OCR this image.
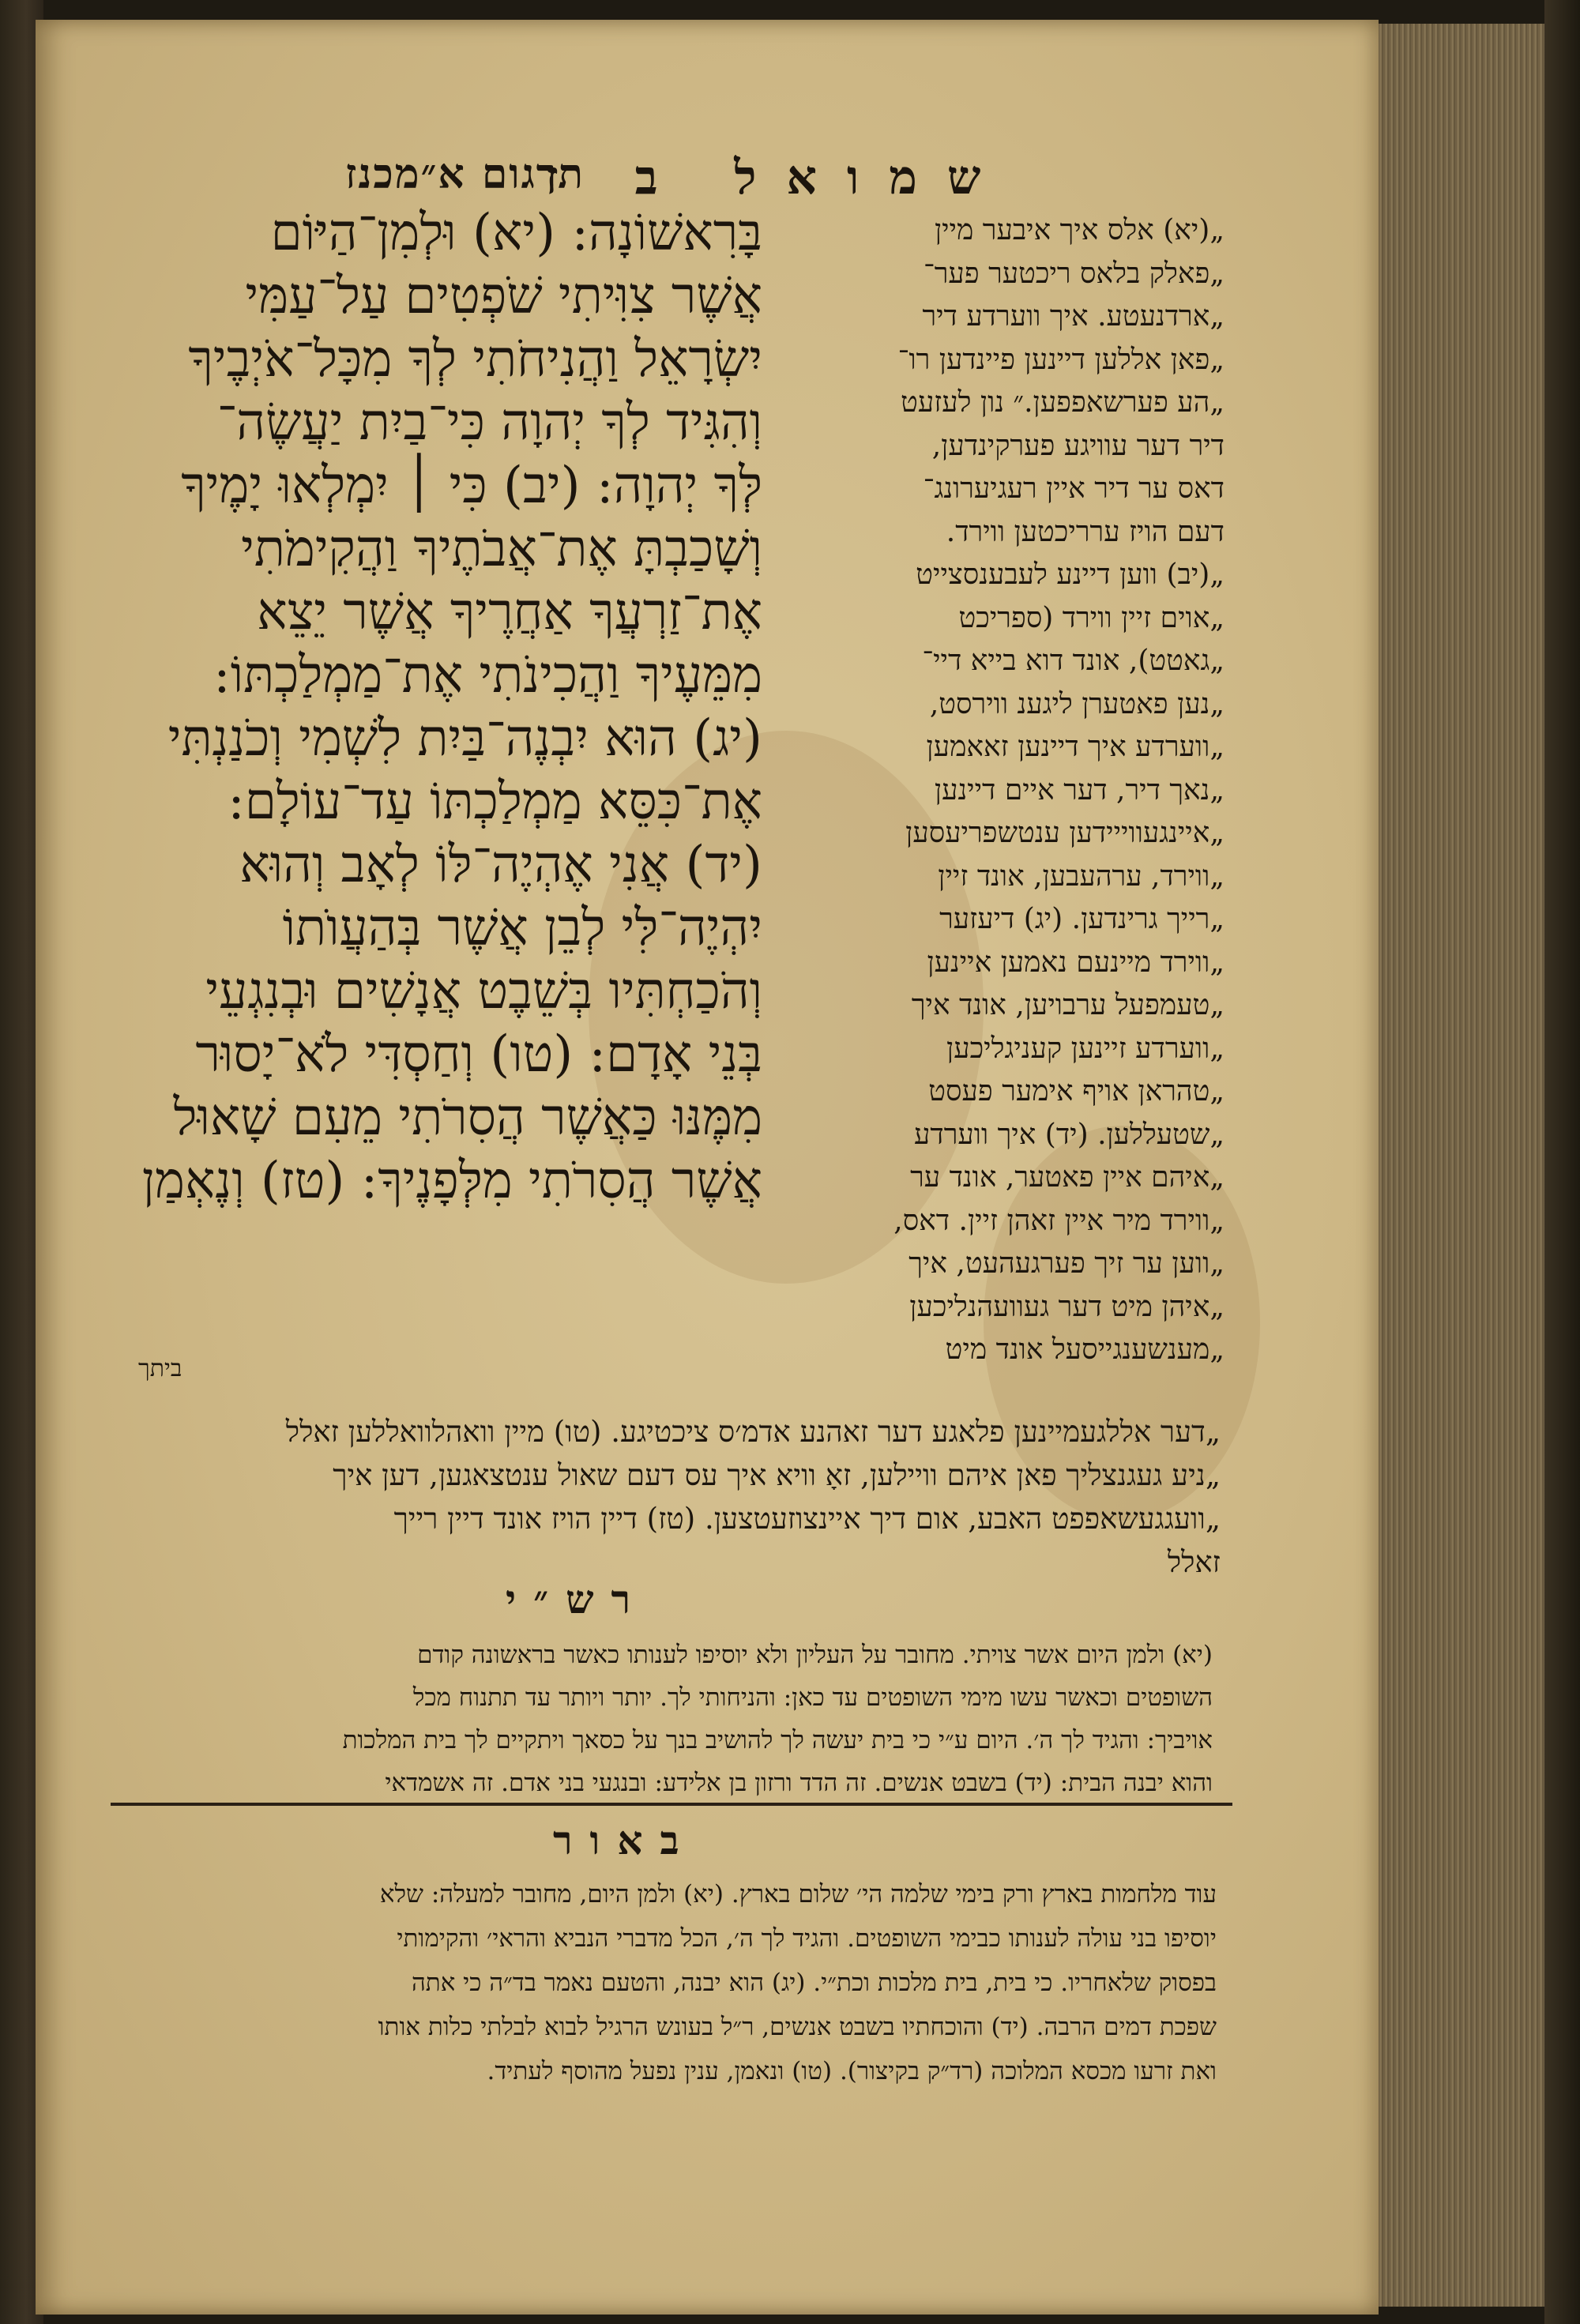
תרגום א״מכנז
שמואל ב ז
בָּרִאשׁוֹנָה: (יא) וּלְמִן־הַיּוֹם
אֲשֶׁר צִוִּיתִי שֹׁפְטִים עַל־עַמִּי
יִשְׂרָאֵל וַהֲנִיחֹתִי לְךָ מִכָּל־אֹיְבֶיךָ
וְהִגִּיד לְךָ יְהוָה כִּי־בַיִת יַעֲשֶׂה־
לְּךָ יְהוָה: (יב) כִּי ׀ יִמְלְאוּ יָמֶיךָ
וְשָׁכַבְתָּ אֶת־אֲבֹתֶיךָ וַהֲקִימֹתִי
אֶת־זַרְעֲךָ אַחֲרֶיךָ אֲשֶׁר יֵצֵא
מִמֵּעֶיךָ וַהֲכִינֹתִי אֶת־מַמְלַכְתּוֹ:
(יג) הוּא יִבְנֶה־בַּיִת לִשְׁמִי וְכֹנַנְתִּי
אֶת־כִּסֵּא מַמְלַכְתּוֹ עַד־עוֹלָם:
(יד) אֲנִי אֶהְיֶה־לּוֹ לְאָב וְהוּא
יִהְיֶה־לִּי לְבֵן אֲשֶׁר בְּהַעֲוֺתוֹ
וְהֹכַחְתִּיו בְּשֵׁבֶט אֲנָשִׁים וּבְנִגְעֵי
בְּנֵי אָדָם: (טו) וְחַסְדִּי לֹא־יָסוּר
מִמֶּנּוּ כַּאֲשֶׁר הֲסִרֹתִי מֵעִם שָׁאוּל
אֲשֶׁר הֲסִרֹתִי מִלְּפָנֶיךָ: (טז) וְנֶאְמַן
ביתך
„(יא) אלס איך איבער מיין
„פאלק בלאס ריכטער פער־
„ארדנעטע. איך ווערדע דיר
„פאן אללען דיינען פיינדען רו־
„הע פערשאפפען.״ נון לעזעט
דיר דער עוויגע פערקינדען,
דאס ער דיר איין רעגיערונג־
דעם הויז ערריכטען ווירד.
„(יב) ווען דיינע לעבענסצייט
„אוים זיין ווירד (ספריכט
„גאטט), אונד דוא בייא דיי־
„נען פאטערן ליגענ ווירסט,
„ווערדע איך דיינען זאאמען
„נאך דיר, דער איים דיינען
„איינגעווייידען ענטשפריעסען
„ווירד, ערהעבען, אונד זיין
„רייך גרינדען. (יג) דיעזער
„ווירד מיינעם נאמען איינען
„טעמפעל ערבויען, אונד איך
„ווערדע זיינען קעניגליכען
„טהראן אויף אימער פעסט
„שטעללען. (יד) איך ווערדע
„איהם איין פאטער, אונד ער
„ווירד מיר איין זאהן זיין. דאס,
„ווען ער זיך פערגעהעט, איך
„איהן מיט דער געוועהנליכען
„מענשענגייסעל אונד מיט
„דער אללגעמיינען פלאגע דער זאהנע אדמ׳ס ציכטיגע. (טו) מיין וואהלוואללען זאלל
„ניע געגנצליך פאן איהם וויילען, זאָ וויא איך עס דעם שאול ענטצאגען, דען איך
„וועגגעשאפפט האבע, אום דיך איינצוזעטצען. (טז) דיין הויז אונד דיין רייך
זאלל
רש״י
(יא) ולמן היום אשר צויתי. מחובר על העליון ולא יוסיפו לענותו כאשר בראשונה קודם
השופטים וכאשר עשו מימי השופטים עד כאן: והניחותי לך. יותר ויותר עד תתנוח מכל
אויביך: והגיד לך ה׳. היום ע״י כי בית יעשה לך להושיב בנך על כסאך ויתקיים לך בית המלכות
והוא יבנה הבית: (יד) בשבט אנשים. זה הדד ורזון בן אלידע: ובנגעי בני אדם. זה אשמדאי
באור
עוד מלחמות בארץ ורק בימי שלמה הי׳ שלום בארץ. (יא) ולמן היום, מחובר למעלה: שלא
יוסיפו בני עולה לענותו כבימי השופטים. והגיד לך ה׳, הכל מדברי הנביא והראי׳ והקימותי
בפסוק שלאחריו. כי בית, בית מלכות וכת״י. (יג) הוא יבנה, והטעם נאמר בד״ה כי אתה
שפכת דמים הרבה. (יד) והוכחתיו בשבט אנשים, ר״ל בעונש הרגיל לבוא לבלתי כלות אותו
ואת זרעו מכסא המלוכה (רד״ק בקיצור). (טו) ונאמן, ענין נפעל מהוסף לעתיד.
